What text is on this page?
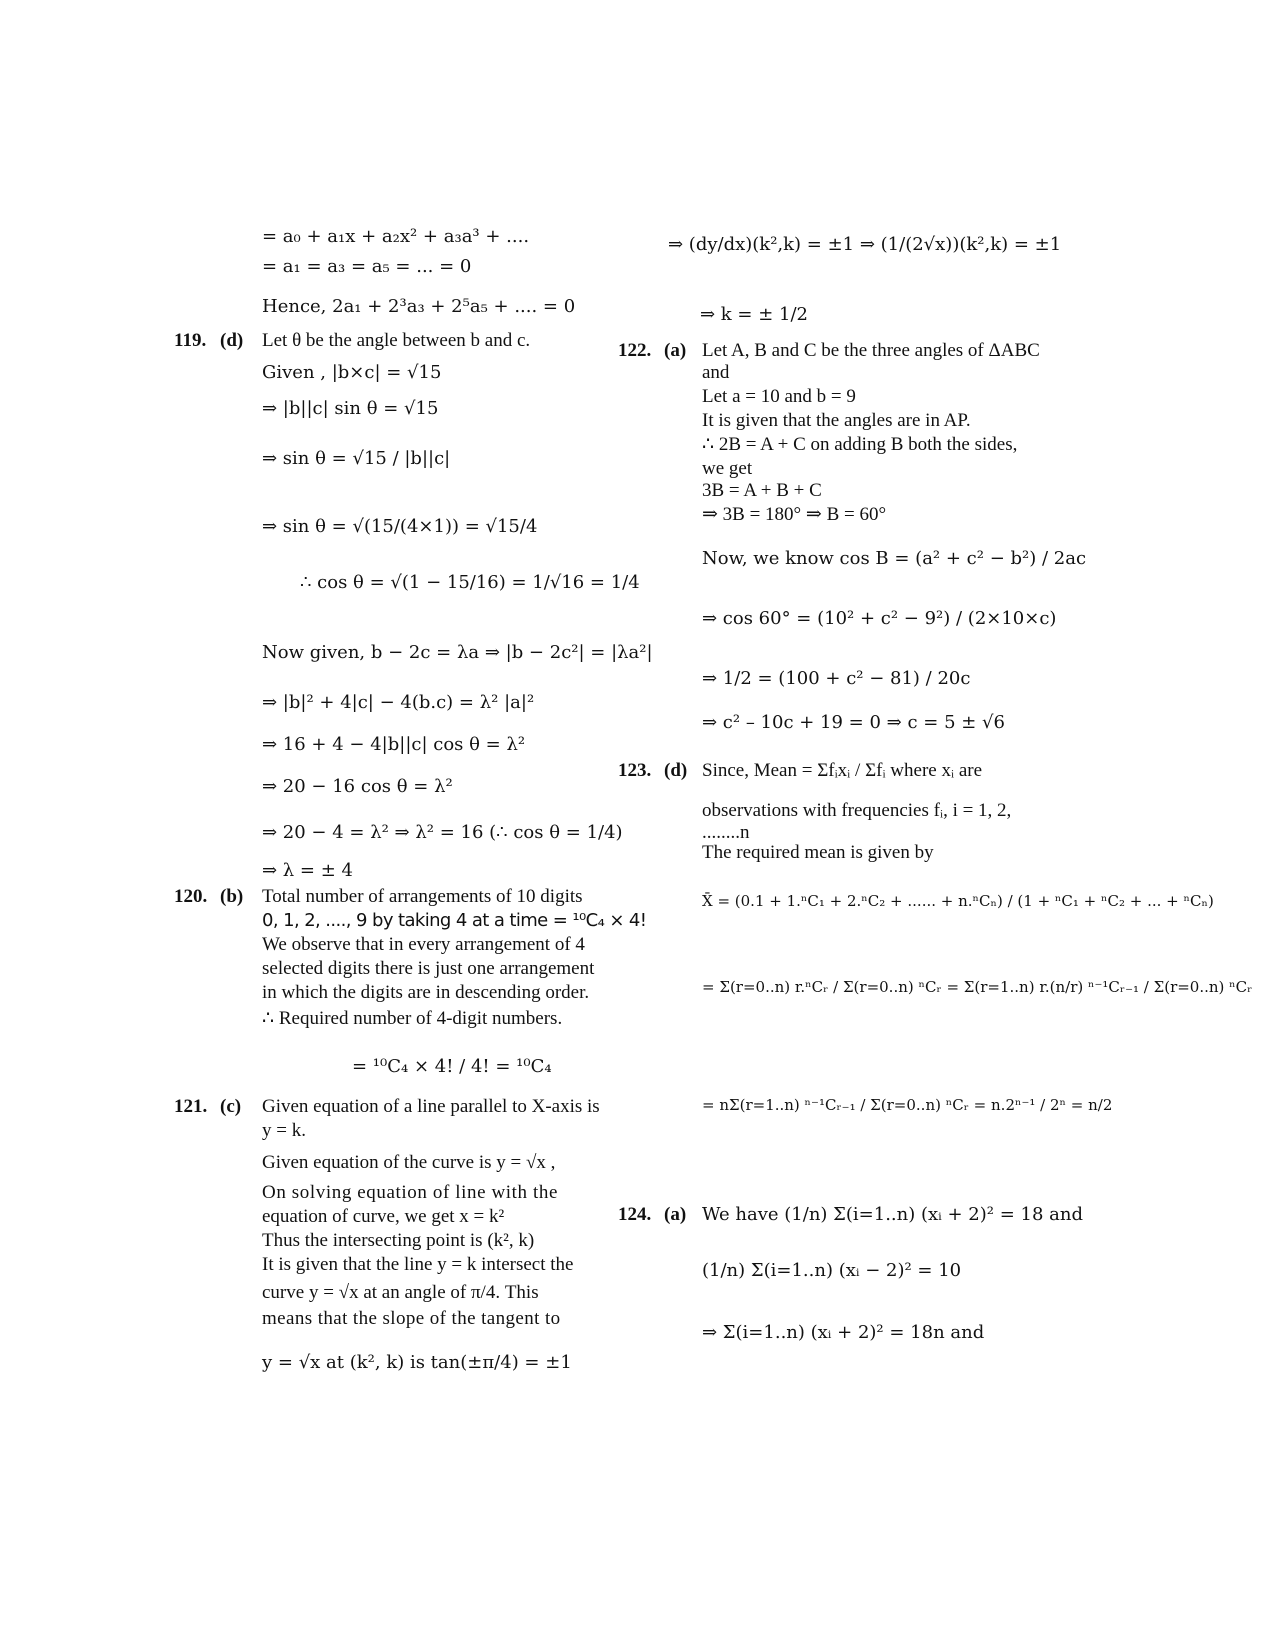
= a₀ + a₁x + a₂x² + a₃a³ + ....
= a₁ = a₃ = a₅ = ... = 0
Hence, 2a₁ + 2³a₃ + 2⁵a₅ + .... = 0
119. (d) Let θ be the angle between b and c.
Given , |b×c| = √15
⇒ |b||c| sin θ = √15
⇒ sin θ = √15 / |b||c|
⇒ sin θ = √(15/(4×1)) = √15/4
∴ cos θ = √(1 − 15/16) = 1/√16 = 1/4
Now given, b − 2c = λa ⇒ |b − 2c²| = |λa²|
⇒ |b|² + 4|c| − 4(b.c) = λ² |a|²
⇒ 16 + 4 − 4|b||c| cos θ = λ²
⇒ 20 − 16 cos θ = λ²
⇒ 20 − 4 = λ² ⇒ λ² = 16 (∴ cos θ = 1/4)
⇒ λ = ± 4
120. (b) Total number of arrangements of 10 digits
0, 1, 2, ...., 9 by taking 4 at a time = ¹⁰C₄ × 4!
We observe that in every arrangement of 4
selected digits there is just one arrangement
in which the digits are in descending order.
∴ Required number of 4-digit numbers.
= ¹⁰C₄ × 4! / 4! = ¹⁰C₄
121. (c) Given equation of a line parallel to X-axis is
y = k.
Given equation of the curve is y = √x ,
On solving equation of line with the
equation of curve, we get x = k²
Thus the intersecting point is (k², k)
It is given that the line y = k intersect the
curve y = √x at an angle of π/4. This
means that the slope of the tangent to
y = √x at (k², k) is tan(±π/4) = ±1
⇒ (dy/dx)(k²,k) = ±1 ⇒ (1/(2√x))(k²,k) = ±1
⇒ k = ± 1/2
122. (a) Let A, B and C be the three angles of ΔABC
and
Let a = 10 and b = 9
It is given that the angles are in AP.
∴ 2B = A + C on adding B both the sides,
we get
3B = A + B + C
⇒ 3B = 180° ⇒ B = 60°
Now, we know cos B = (a² + c² − b²) / 2ac
⇒ cos 60° = (10² + c² − 9²) / (2×10×c)
⇒ 1/2 = (100 + c² − 81) / 20c
⇒ c² – 10c + 19 = 0 ⇒ c = 5 ± √6
123. (d) Since, Mean = Σfᵢxᵢ / Σfᵢ where xᵢ are
observations with frequencies fᵢ, i = 1, 2,
........n
The required mean is given by
X̄ = (0.1 + 1.ⁿC₁ + 2.ⁿC₂ + ...... + n.ⁿCₙ) / (1 + ⁿC₁ + ⁿC₂ + ... + ⁿCₙ)
= Σ(r=0..n) r.ⁿCᵣ / Σ(r=0..n) ⁿCᵣ = Σ(r=1..n) r.(n/r) ⁿ⁻¹Cᵣ₋₁ / Σ(r=0..n) ⁿCᵣ
= nΣ(r=1..n) ⁿ⁻¹Cᵣ₋₁ / Σ(r=0..n) ⁿCᵣ = n.2ⁿ⁻¹ / 2ⁿ = n/2
124. (a) We have (1/n) Σ(i=1..n) (xᵢ + 2)² = 18 and
(1/n) Σ(i=1..n) (xᵢ − 2)² = 10
⇒ Σ(i=1..n) (xᵢ + 2)² = 18n and
